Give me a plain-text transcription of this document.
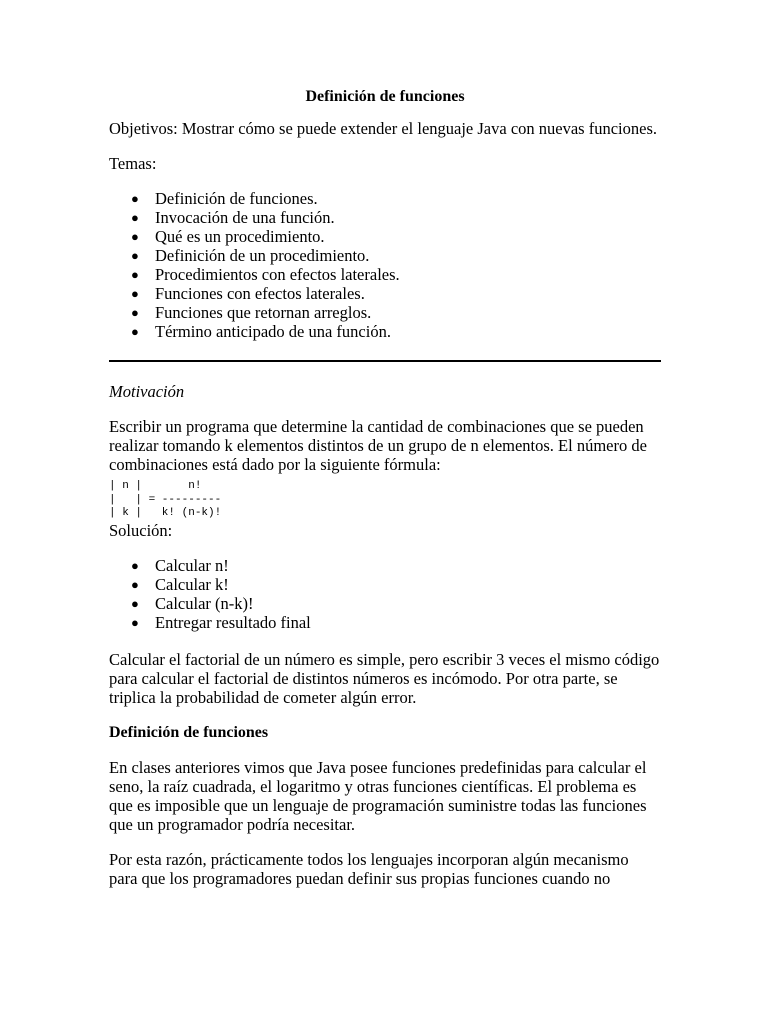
Definición de funciones

Objetivos: Mostrar cómo se puede extender el lenguaje Java con nuevas funciones.

Temas:

● Definición de funciones.
● Invocación de una función.
● Qué es un procedimiento.
● Definición de un procedimiento.
● Procedimientos con efectos laterales.
● Funciones con efectos laterales.
● Funciones que retornan arreglos.
● Término anticipado de una función.
Motivación

Escribir un programa que determine la cantidad de combinaciones que se pueden realizar tomando k elementos distintos de un grupo de n elementos. El número de combinaciones está dado por la siguiente fórmula:

| n |       n!
|   | = ---------
| k |   k! (n-k)!
Solución:
● Calcular n!
● Calcular k!
● Calcular (n-k)!
● Entregar resultado final

Calcular el factorial de un número es simple, pero escribir 3 veces el mismo código para calcular el factorial de distintos números es incómodo. Por otra parte, se triplica la probabilidad de cometer algún error.

Definición de funciones

En clases anteriores vimos que Java posee funciones predefinidas para calcular el seno, la raíz cuadrada, el logaritmo y otras funciones científicas. El problema es que es imposible que un lenguaje de programación suministre todas las funciones que un programador podría necesitar.

Por esta razón, prácticamente todos los lenguajes incorporan algún mecanismo para que los programadores puedan definir sus propias funciones cuando no
